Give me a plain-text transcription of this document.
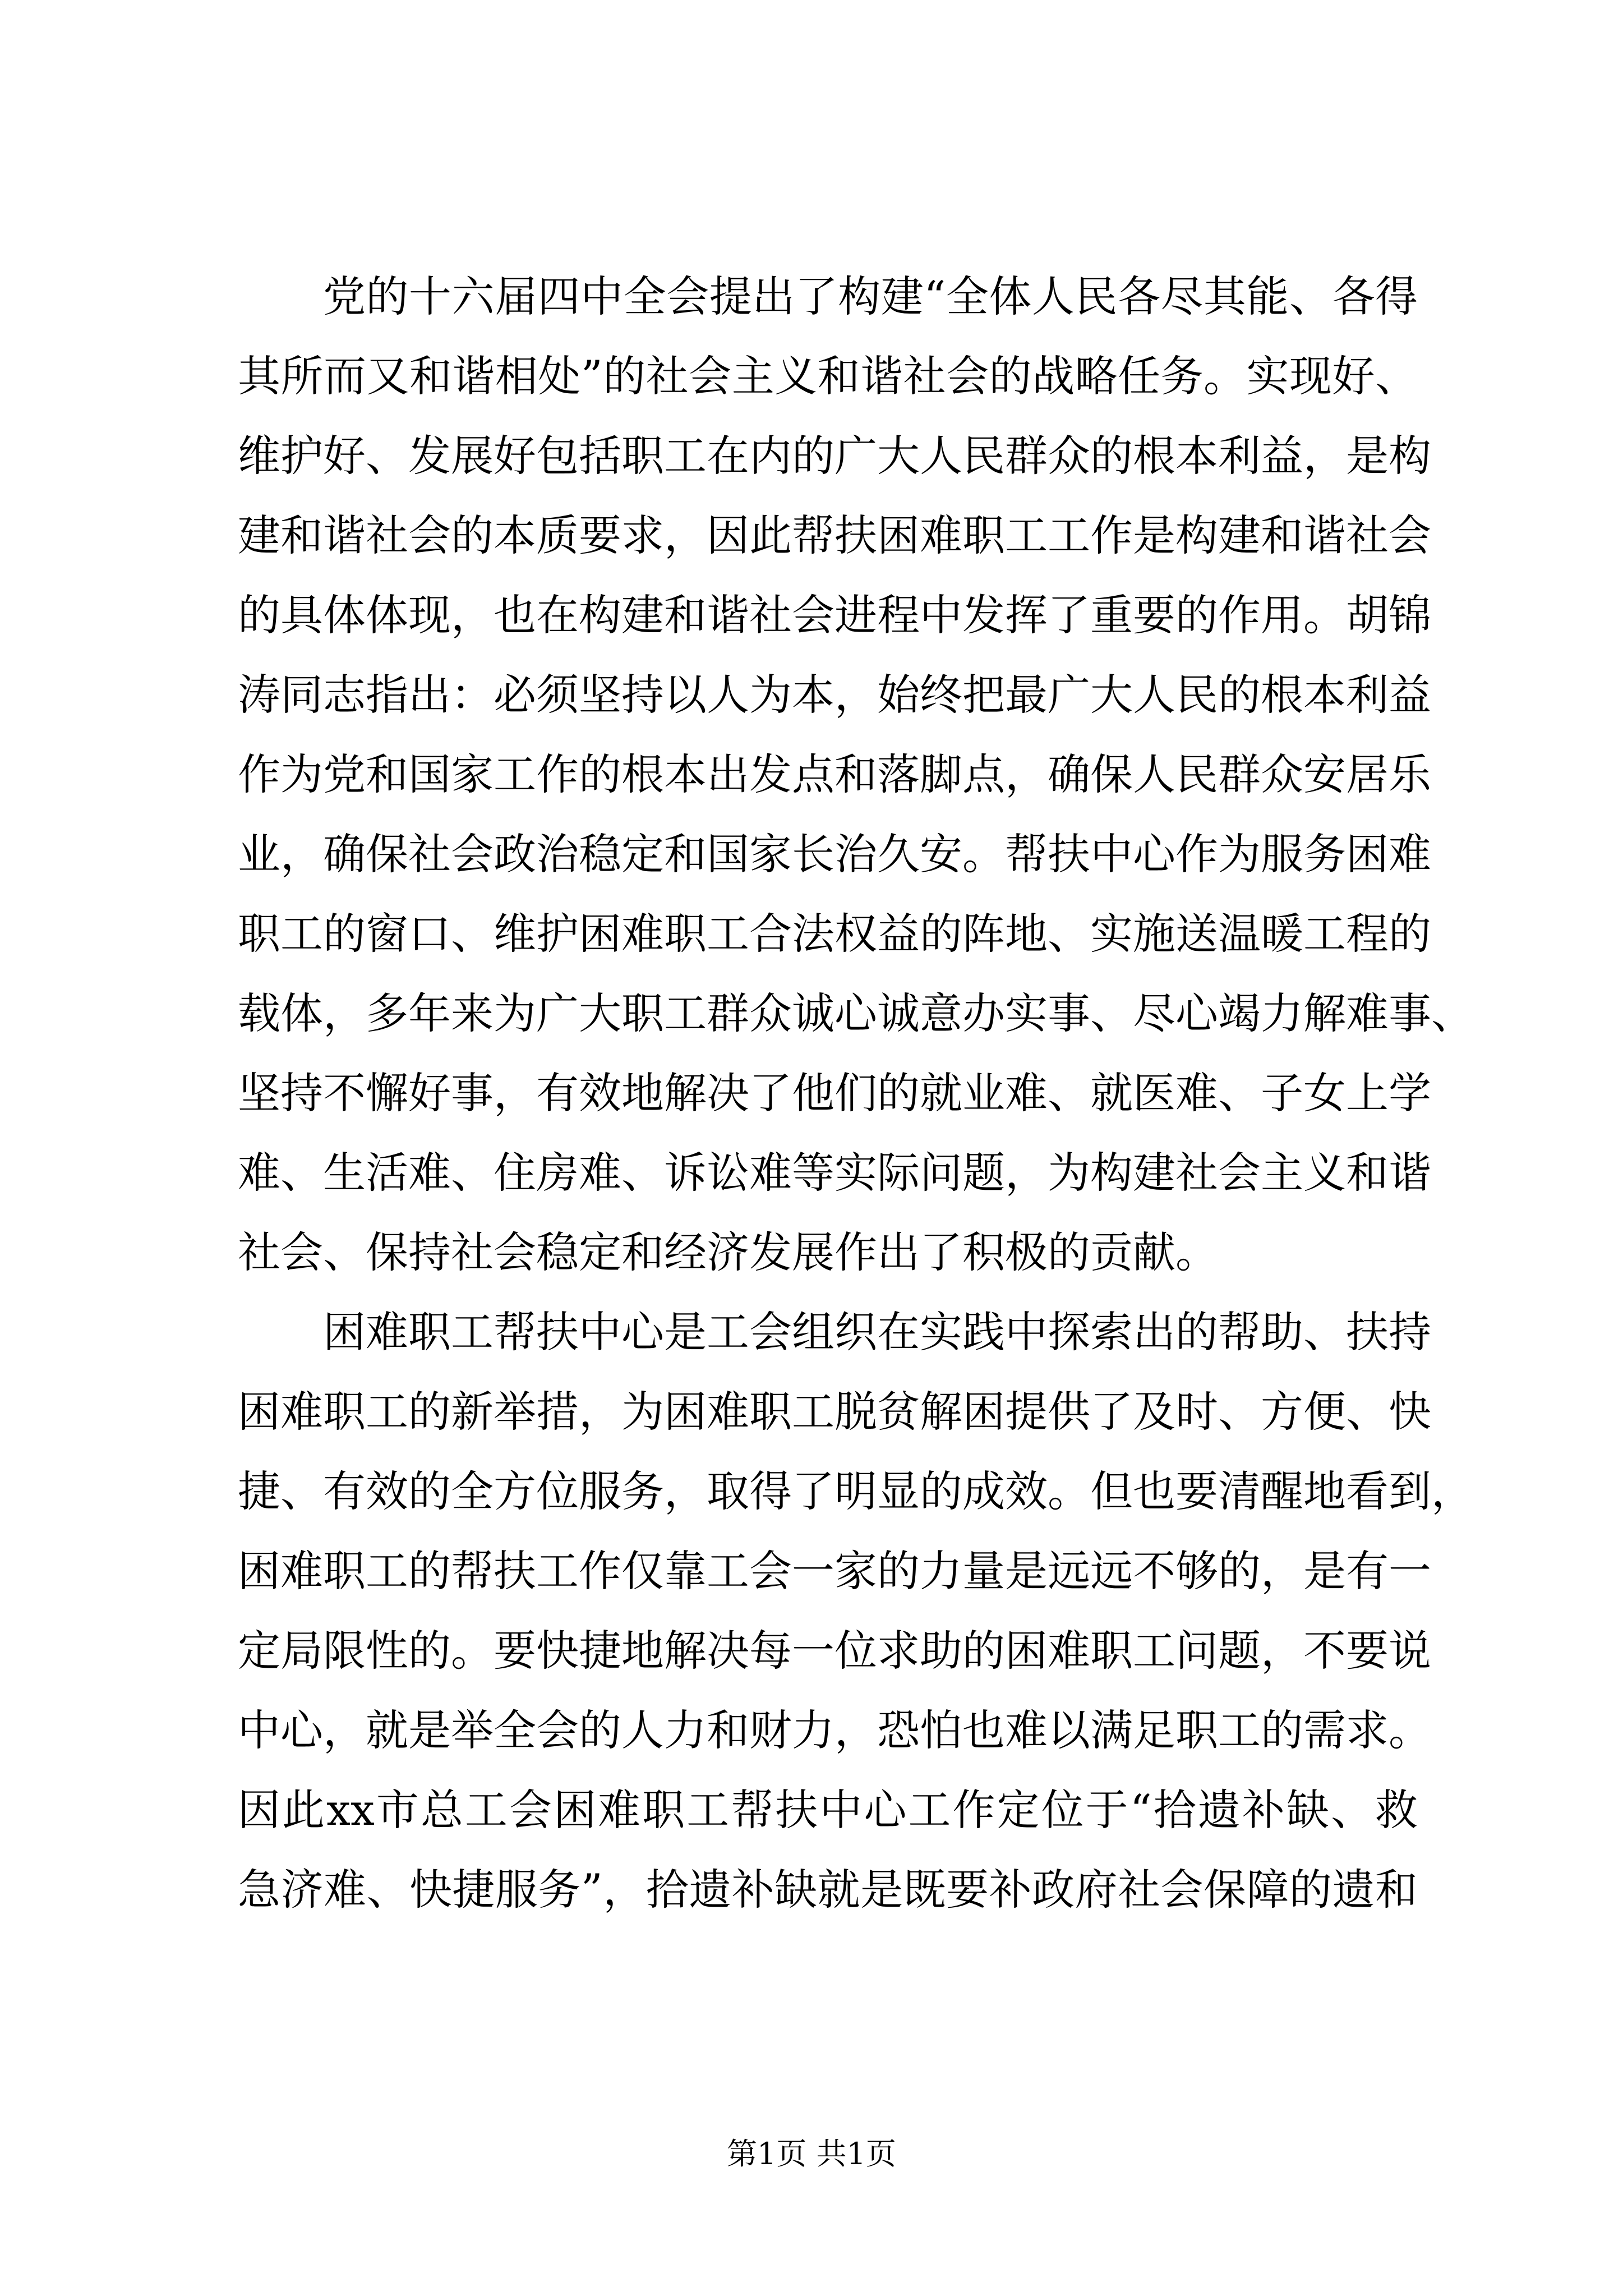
党的十六届四中全会提出了构建“全体人民各尽其能、各得
其所而又和谐相处”的社会主义和谐社会的战略任务。实现好、
维护好、发展好包括职工在内的广大人民群众的根本利益，是构
建和谐社会的本质要求，因此帮扶困难职工工作是构建和谐社会
的具体体现，也在构建和谐社会进程中发挥了重要的作用。胡锦
涛同志指出：必须坚持以人为本，始终把最广大人民的根本利益
作为党和国家工作的根本出发点和落脚点，确保人民群众安居乐
业，确保社会政治稳定和国家长治久安。帮扶中心作为服务困难
职工的窗口、维护困难职工合法权益的阵地、实施送温暖工程的
载体，多年来为广大职工群众诚心诚意办实事、尽心竭力解难事、
坚持不懈好事，有效地解决了他们的就业难、就医难、子女上学
难、生活难、住房难、诉讼难等实际问题，为构建社会主义和谐
社会、保持社会稳定和经济发展作出了积极的贡献。
困难职工帮扶中心是工会组织在实践中探索出的帮助、扶持
困难职工的新举措，为困难职工脱贫解困提供了及时、方便、快
捷、有效的全方位服务，取得了明显的成效。但也要清醒地看到，
困难职工的帮扶工作仅靠工会一家的力量是远远不够的，是有一
定局限性的。要快捷地解决每一位求助的困难职工问题，不要说
中心，就是举全会的人力和财力，恐怕也难以满足职工的需求。
因此xx市总工会困难职工帮扶中心工作定位于“拾遗补缺、救
急济难、快捷服务”，拾遗补缺就是既要补政府社会保障的遗和
第1页 共1页
